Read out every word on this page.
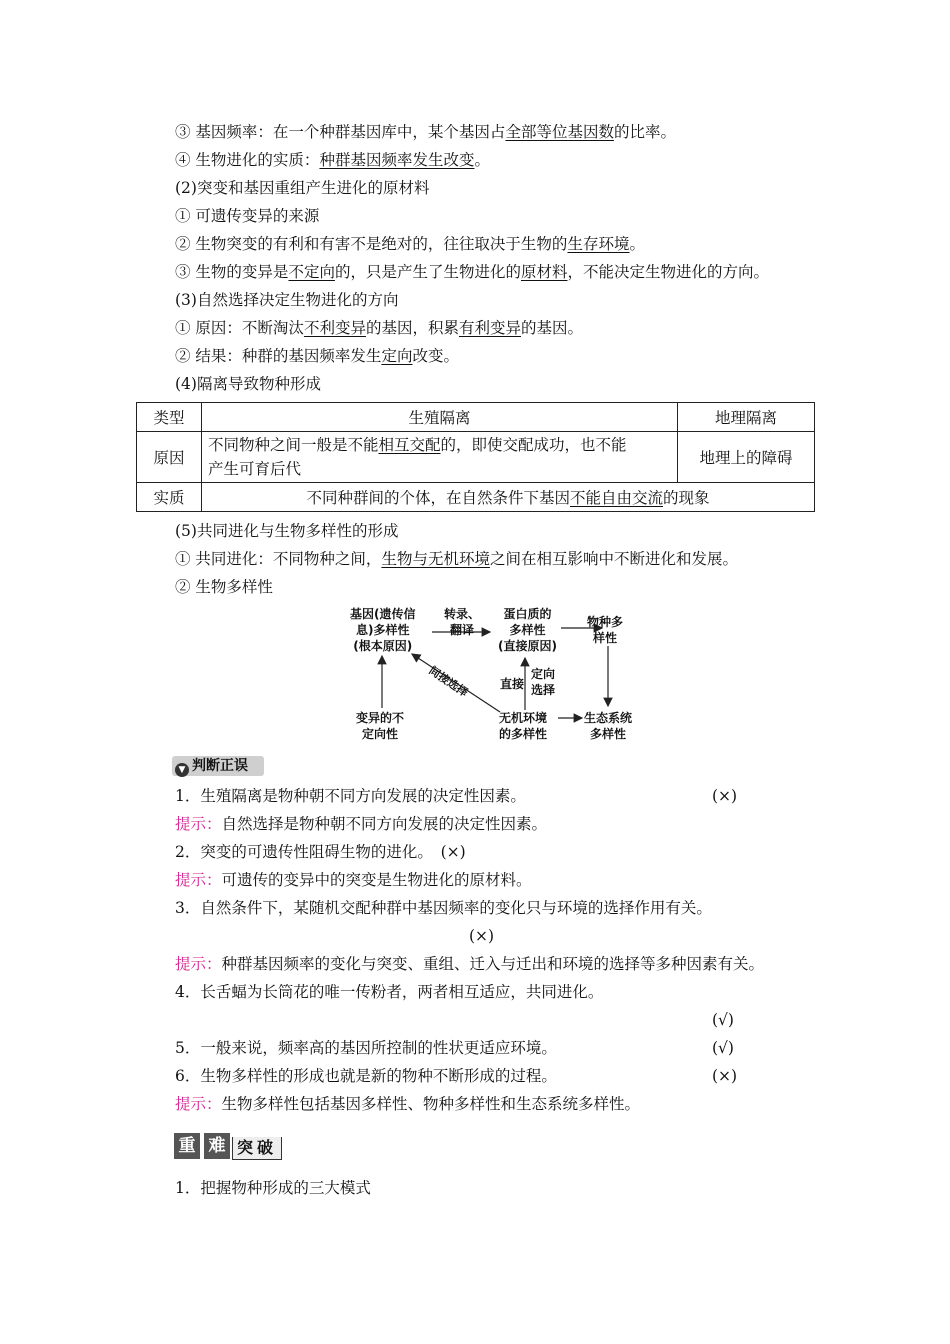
③ 基因频率：在一个种群基因库中，某个基因占全部等位基因数的比率。
④ 生物进化的实质：种群基因频率发生改变。
(2)突变和基因重组产生进化的原材料
① 可遗传变异的来源
② 生物突变的有利和有害不是绝对的，往往取决于生物的生存环境。
③ 生物的变异是不定向的，只是产生了生物进化的原材料，不能决定生物进化的方向。
(3)自然选择决定生物进化的方向
① 原因：不断淘汰不利变异的基因，积累有利变异的基因。
② 结果：种群的基因频率发生定向改变。
(4)隔离导致物种形成
类型	生殖隔离	地理隔离
原因	不同物种之间一般是不能相互交配的，即使交配成功，也不能
产生可育后代	地理上的障碍
实质	不同种群间的个体，在自然条件下基因不能自由交流的现象	
(5)共同进化与生物多样性的形成
① 共同进化：不同物种之间，生物与无机环境之间在相互影响中不断进化和发展。
② 生物多样性
基因(遗传信
息)多样性
(根本原因)
转录、
翻译
蛋白质的
多样性
(直接原因)
物种多
样性
变异的不
定向性
间接选择 直接
定向
选择
无机环境
的多样性
生态系统
多样性
▼ 判断正误
1．生殖隔离是物种朝不同方向发展的决定性因素。	(×)
提示：自然选择是物种朝不同方向发展的决定性因素。
2．突变的可遗传性阻碍生物的进化。　(×)
提示：可遗传的变异中的突变是生物进化的原材料。
3．自然条件下，某随机交配种群中基因频率的变化只与环境的选择作用有关。
(×)
提示：种群基因频率的变化与突变、重组、迁入与迁出和环境的选择等多种因素有关。
4．长舌蝠为长筒花的唯一传粉者，两者相互适应，共同进化。
(√)
5．一般来说，频率高的基因所控制的性状更适应环境。	(√)
6．生物多样性的形成也就是新的物种不断形成的过程。	(×)
提示：生物多样性包括基因多样性、物种多样性和生态系统多样性。
重 难 突破
1．把握物种形成的三大模式
